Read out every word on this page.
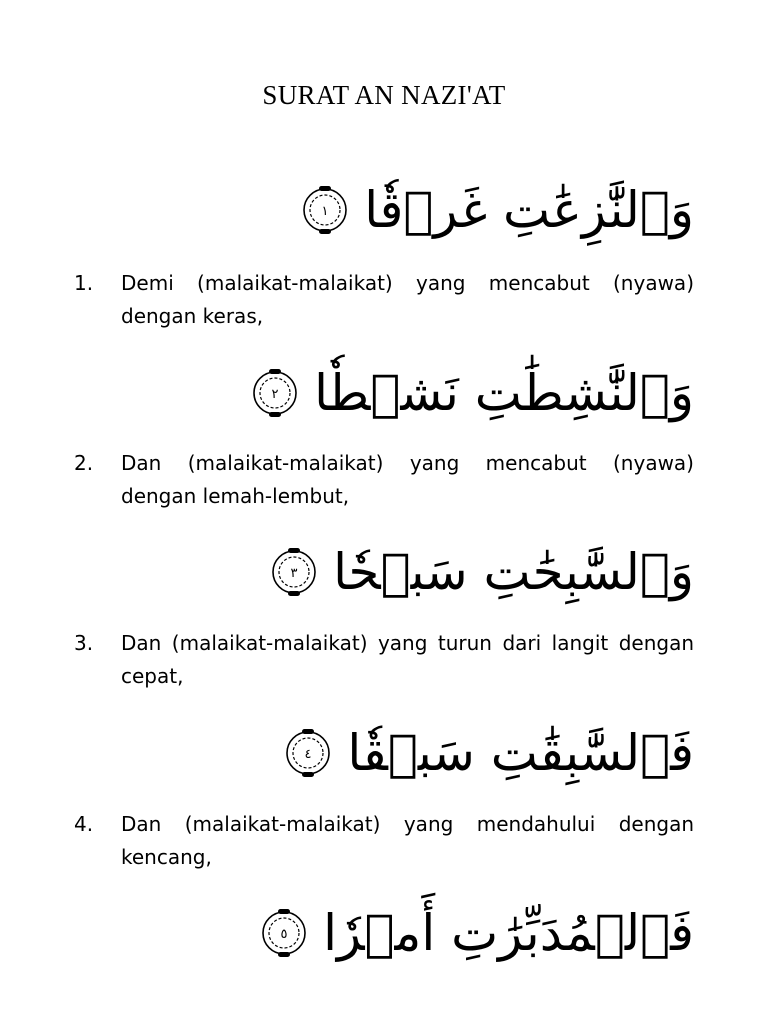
SURAT AN NAZI'AT
وَٱلنَّٰزِعَٰتِ غَرۡقٗا
١
1.	Demi (malaikat-malaikat) yang mencabut (nyawa) dengan keras,
وَٱلنَّٰشِطَٰتِ نَشۡطٗا
٢
2.	Dan (malaikat-malaikat) yang mencabut (nyawa) dengan lemah-lembut,
وَٱلسَّٰبِحَٰتِ سَبۡحٗا
٣
3.	Dan (malaikat-malaikat) yang turun dari langit dengan cepat,
فَٱلسَّٰبِقَٰتِ سَبۡقٗا
٤
4.	Dan (malaikat-malaikat) yang mendahului dengan kencang,
فَٱلۡمُدَبِّرَٰتِ أَمۡرٗا
٥
